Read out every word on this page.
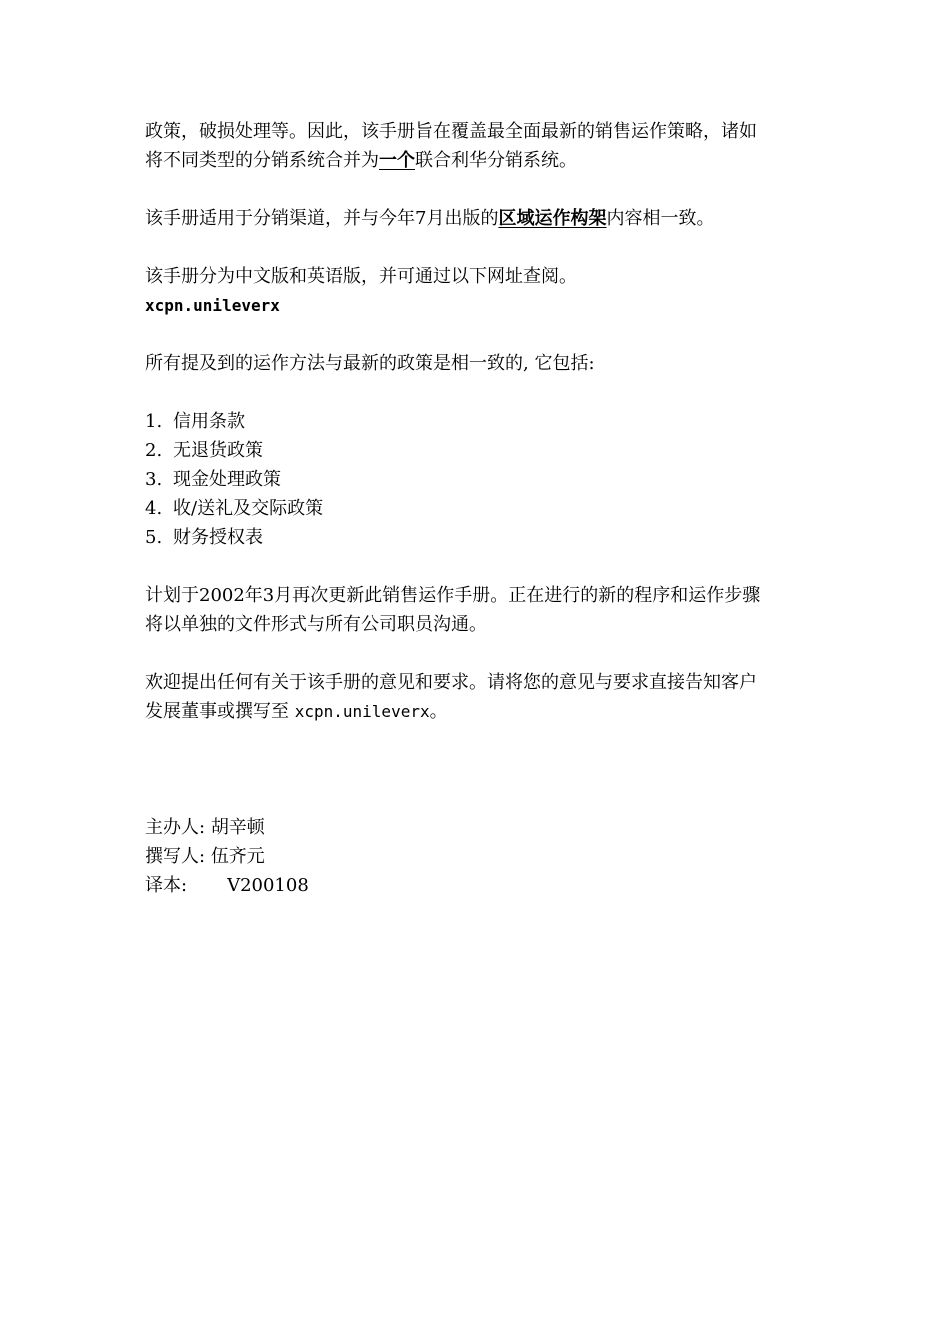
政策，破损处理等。因此，该手册旨在覆盖最全面最新的销售运作策略，诸如
将不同类型的分销系统合并为一个联合利华分销系统。
该手册适用于分销渠道，并与今年7月出版的区域运作构架内容相一致。
该手册分为中文版和英语版，并可通过以下网址查阅。
xcpn.unileverx
所有提及到的运作方法与最新的政策是相一致的, 它包括:
1. 信用条款
2. 无退货政策
3. 现金处理政策
4. 收/送礼及交际政策
5. 财务授权表
计划于2002年3月再次更新此销售运作手册。正在进行的新的程序和运作步骤
将以单独的文件形式与所有公司职员沟通。
欢迎提出任何有关于该手册的意见和要求。请将您的意见与要求直接告知客户
发展董事或撰写至 xcpn.unileverx。
主办人: 胡辛顿
撰写人: 伍齐元
译本: V200108
